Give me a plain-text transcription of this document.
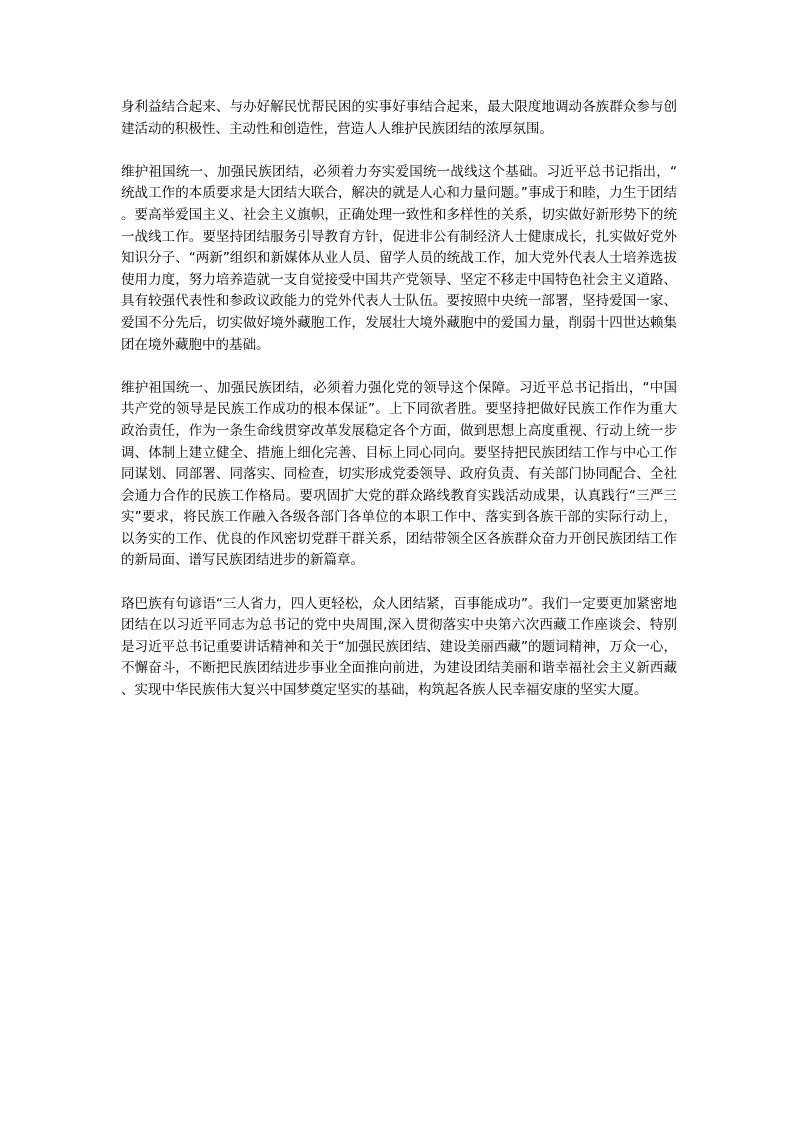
身利益结合起来、与办好解民忧帮民困的实事好事结合起来，最大限度地调动各族群众参与创建活动的积极性、主动性和创造性，营造人人维护民族团结的浓厚氛围。

维护祖国统一、加强民族团结，必须着力夯实爱国统一战线这个基础。习近平总书记指出，“统战工作的本质要求是大团结大联合，解决的就是人心和力量问题。”事成于和睦，力生于团结。要高举爱国主义、社会主义旗帜，正确处理一致性和多样性的关系，切实做好新形势下的统一战线工作。要坚持团结服务引导教育方针，促进非公有制经济人士健康成长，扎实做好党外知识分子、“两新”组织和新媒体从业人员、留学人员的统战工作，加大党外代表人士培养选拔使用力度，努力培养造就一支自觉接受中国共产党领导、坚定不移走中国特色社会主义道路、具有较强代表性和参政议政能力的党外代表人士队伍。要按照中央统一部署，坚持爱国一家、爱国不分先后，切实做好境外藏胞工作，发展壮大境外藏胞中的爱国力量，削弱十四世达赖集团在境外藏胞中的基础。

维护祖国统一、加强民族团结，必须着力强化党的领导这个保障。习近平总书记指出，“中国共产党的领导是民族工作成功的根本保证”。上下同欲者胜。要坚持把做好民族工作作为重大政治责任，作为一条生命线贯穿改革发展稳定各个方面，做到思想上高度重视、行动上统一步调、体制上建立健全、措施上细化完善、目标上同心同向。要坚持把民族团结工作与中心工作同谋划、同部署、同落实、同检查，切实形成党委领导、政府负责、有关部门协同配合、全社会通力合作的民族工作格局。要巩固扩大党的群众路线教育实践活动成果，认真践行“三严三实”要求，将民族工作融入各级各部门各单位的本职工作中、落实到各族干部的实际行动上，以务实的工作、优良的作风密切党群干群关系，团结带领全区各族群众奋力开创民族团结工作的新局面、谱写民族团结进步的新篇章。

珞巴族有句谚语“三人省力，四人更轻松，众人团结紧，百事能成功”。我们一定要更加紧密地团结在以习近平同志为总书记的党中央周围,深入贯彻落实中央第六次西藏工作座谈会、特别是习近平总书记重要讲话精神和关于“加强民族团结、建设美丽西藏”的题词精神，万众一心，不懈奋斗，不断把民族团结进步事业全面推向前进，为建设团结美丽和谐幸福社会主义新西藏、实现中华民族伟大复兴中国梦奠定坚实的基础，构筑起各族人民幸福安康的坚实大厦。
